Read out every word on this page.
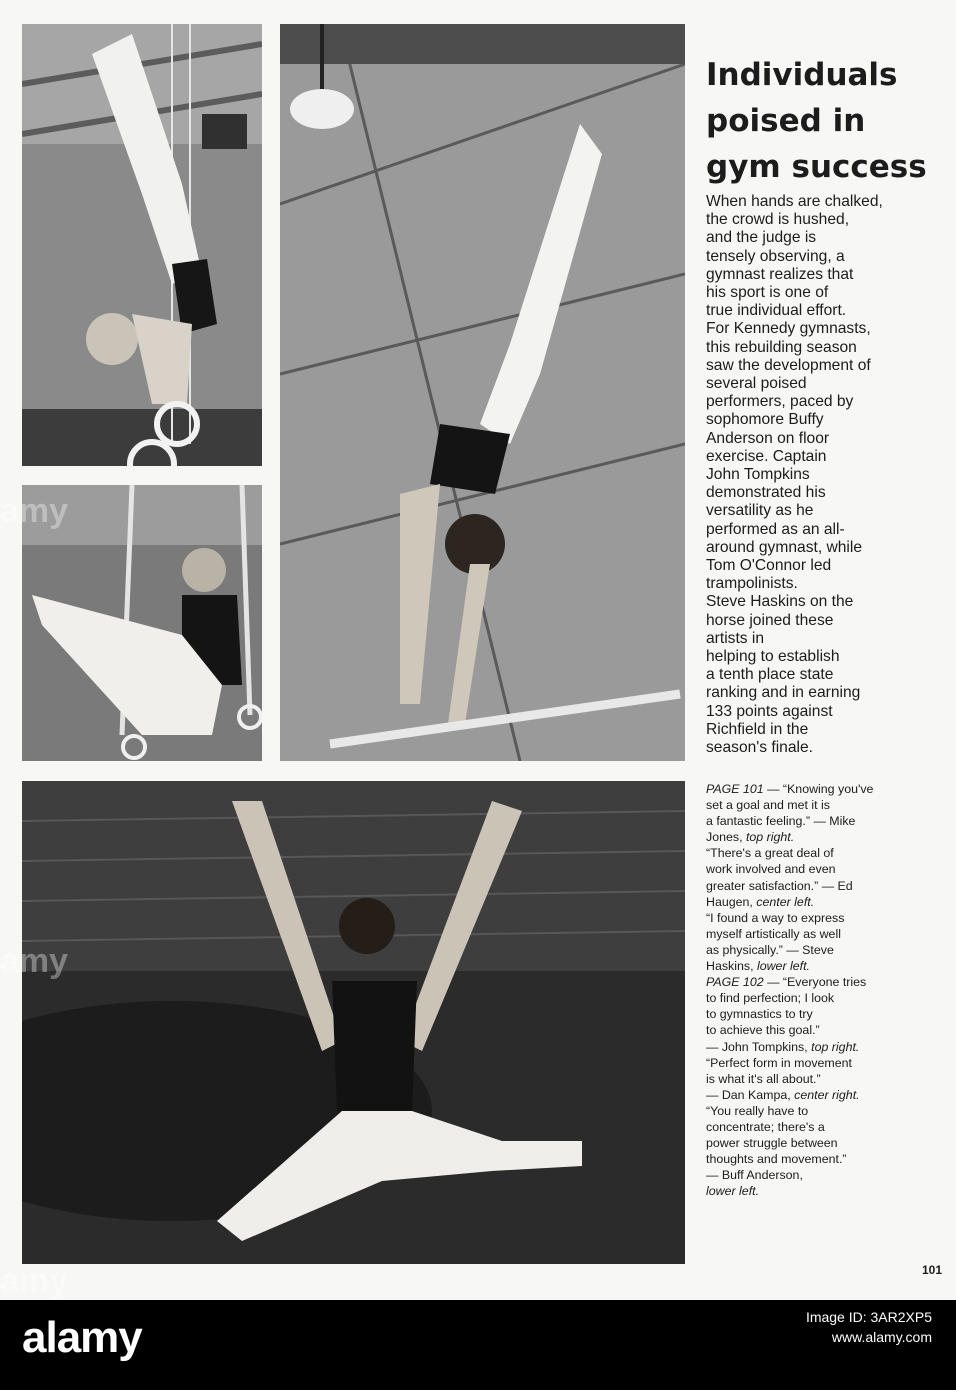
Individuals
poised in
gym success
When hands are chalked,
the crowd is hushed,
and the judge is
tensely observing, a
gymnast realizes that
his sport is one of
true individual effort.
For Kennedy gymnasts,
this rebuilding season
saw the development of
several poised
performers, paced by
sophomore Buffy
Anderson on floor
exercise. Captain
John Tompkins
demonstrated his
versatility as he
performed as an all-
around gymnast, while
Tom O'Connor led
trampolinists.
Steve Haskins on the
horse joined these
artists in
helping to establish
a tenth place state
ranking and in earning
133 points against
Richfield in the
season's finale.
PAGE 101 — “Knowing you've
set a goal and met it is
a fantastic feeling.” — Mike
Jones, top right.
“There's a great deal of
work involved and even
greater satisfaction.” — Ed
Haugen, center left.
“I found a way to express
myself artistically as well
as physically.” — Steve
Haskins, lower left.
PAGE 102 — “Everyone tries
to find perfection; I look
to gymnastics to try
to achieve this goal.”
— John Tompkins, top right.
“Perfect form in movement
is what it's all about.”
— Dan Kampa, center right.
“You really have to
concentrate; there's a
power struggle between
thoughts and movement.”
— Buff Anderson,
lower left.
101
alamy	Image ID: 3AR2XP5
www.alamy.com
amy
amy
amy
